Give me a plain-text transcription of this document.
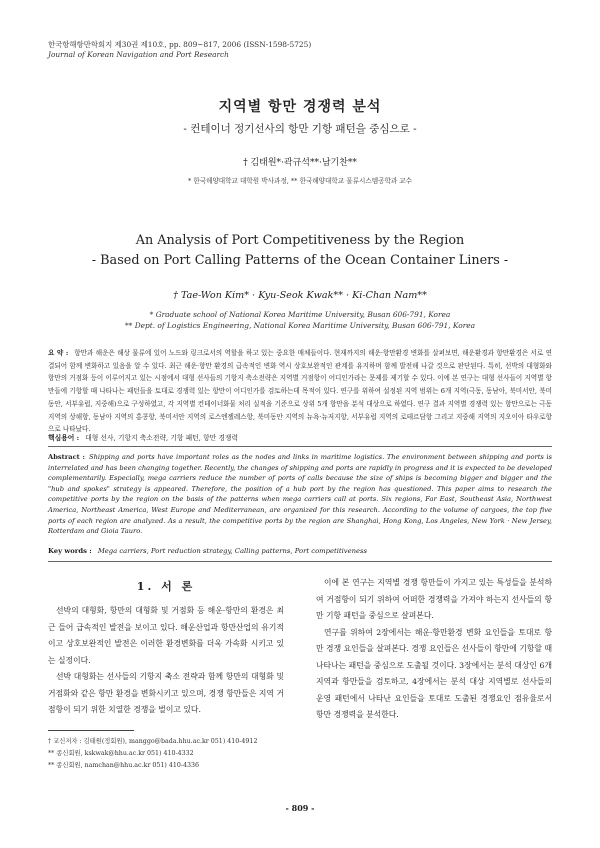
한국항해항만학회지 제30권 제10호, pp. 809~817, 2006 (ISSN-1598-5725)
Journal of Korean Navigation and Port Research
지역별 항만 경쟁력 분석
- 컨테이너 정기선사의 항만 기항 패턴을 중심으로 -
† 김태원*·곽규석**·남기찬**
* 한국해양대학교 대학원 박사과정, ** 한국해양대학교 물류시스템공학과 교수
An Analysis of Port Competitiveness by the Region
- Based on Port Calling Patterns of the Ocean Container Liners -
† Tae-Won Kim* · Kyu-Seok Kwak** · Ki-Chan Nam**
* Graduate school of National Korea Maritime University, Busan 606-791, Korea
** Dept. of Logistics Engineering, National Korea Maritime University, Busan 606-791, Korea
요 약 : 항만과 해운은 해상 물류에 있어 노드와 링크로서의 역할을 하고 있는 중요한 매체들이다. 현재까지의 해운·항만환경 변화를 살펴보면, 해운환경과 항만환경은 서로 연결되어 함께 변화하고 있음을 알 수 있다. 최근 해운·항만 환경의 급속적인 변화 역시 상호보완적인 관계를 유지하며 함께 발전해 나갈 것으로 판단된다. 특히, 선박의 대형화와 항만의 거점화 등이 이루어지고 있는 시점에서 대형 선사들의 기항지 축소전략은 지역별 거점항이 어디인가라는 문제를 제기할 수 있다. 이에 본 연구는 대형 선사들이 지역별 항만들에 기항할 때 나타나는 패턴들을 토대로 경쟁력 있는 항만이 어디인가를 검토하는데 목적이 있다. 연구를 위하여 설정된 지역 범위는 6개 지역(극동, 동남아, 북미서안, 북미동안, 서부유럽, 지중해)으로 구성하였고, 각 지역별 컨테이너화물 처리 실적을 기준으로 상위 5개 항만을 분석 대상으로 하였다. 연구 결과 지역별 경쟁력 있는 항만으로는 극동 지역의 상해항, 동남아 지역의 홍콩항, 북미서안 지역의 로스엔젤레스항, 북미동안 지역의 뉴욕·뉴저지항, 서부유럽 지역의 로테르담항 그리고 지중해 지역의 지오이아 타우로항으로 나타났다.
핵심용어 : 대형 선사, 기항지 축소전략, 기항 패턴, 항만 경쟁력
Abstract : Shipping and ports have important roles as the nodes and links in maritime logistics. The environment between shipping and ports is interrelated and has been changing together. Recently, the changes of shipping and ports are rapidly in progress and it is expected to be developed complementarily. Especially, mega carriers reduce the number of ports of calls because the size of ships is becoming bigger and bigger and the "hub and spokes" strategy is appeared. Therefore, the position of a hub port by the region has questioned. This paper aims to research the competitive ports by the region on the basis of the patterns when mega carriers call at ports. Six regions, Far East, Southeast Asia, Northwest America, Northeast America, West Europe and Mediterranean, are organized for this research. According to the volume of cargoes, the top five ports of each region are analyzed. As a result, the competitive ports by the region are Shanghai, Hong Kong, Los Angeles, New York · New Jersey, Rotterdam and Gioia Tauro.
Key words : Mega carriers, Port reduction strategy, Calling patterns, Port competitiveness
1. 서 론

선박의 대형화, 항만의 대형화 및 거점화 등 해운·항만의 환경은 최근 들어 급속적인 발전을 보이고 있다. 해운산업과 항만산업의 유기적이고 상호보완적인 발전은 이러한 환경변화를 더욱 가속화 시키고 있는 실정이다.

선박 대형화는 선사들의 기항지 축소 전략과 함께 항만의 대형화 및 거점화와 같은 항만 환경을 변화시키고 있으며, 경쟁 항만들은 지역 거점항이 되기 위한 치열한 경쟁을 벌이고 있다.

이에 본 연구는 지역별 경쟁 항만들이 가지고 있는 특성들을 분석하여 거점항이 되기 위하여 어떠한 경쟁력을 가져야 하는지 선사들의 항만 기항 패턴을 중심으로 살펴본다.

연구를 위하여 2장에서는 해운·항만환경 변화 요인들을 토대로 항만 경쟁 요인들을 살펴본다. 경쟁 요인들은 선사들이 항만에 기항할 때 나타나는 패턴을 중심으로 도출될 것이다. 3장에서는 분석 대상인 6개 지역과 항만들을 검토하고, 4장에서는 분석 대상 지역별로 선사들의 운영 패턴에서 나타난 요인들을 토대로 도출된 경쟁요인 점유율로서 항만 경쟁력을 분석한다.

† 교신저자 : 김태원(정회원), manggo@bada.hhu.ac.kr 051) 410-4912
** 종신회원, kskwak@hhu.ac.kr 051) 410-4332
** 종신회원, namchan@hhu.ac.kr 051) 410-4336
- 809 -
